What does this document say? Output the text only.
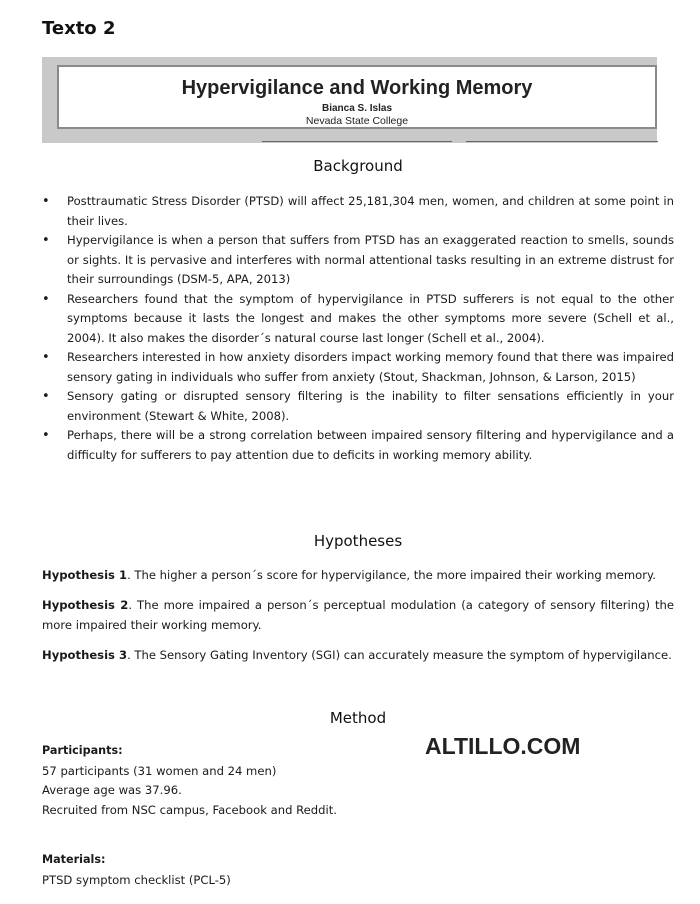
Texto 2
Hypervigilance and Working Memory
Bianca S. Islas
Nevada State College
Background
• Posttraumatic Stress Disorder (PTSD) will affect 25,181,304 men, women, and children at some point in their lives.
• Hypervigilance is when a person that suffers from PTSD has an exaggerated reaction to smells, sounds or sights. It is pervasive and interferes with normal attentional tasks resulting in an extreme distrust for their surroundings (DSM-5, APA, 2013)
• Researchers found that the symptom of hypervigilance in PTSD sufferers is not equal to the other symptoms because it lasts the longest and makes the other symptoms more severe (Schell et al., 2004). It also makes the disorder´s natural course last longer (Schell et al., 2004).
• Researchers interested in how anxiety disorders impact working memory found that there was impaired sensory gating in individuals who suffer from anxiety (Stout, Shackman, Johnson, & Larson, 2015)
• Sensory gating or disrupted sensory filtering is the inability to filter sensations efficiently in your environment (Stewart & White, 2008).
• Perhaps, there will be a strong correlation between impaired sensory filtering and hypervigilance and a difficulty for sufferers to pay attention due to deficits in working memory ability.
Hypotheses

Hypothesis 1. The higher a person´s score for hypervigilance, the more impaired their working memory.

Hypothesis 2. The more impaired a person´s perceptual modulation (a category of sensory filtering) the more impaired their working memory.

Hypothesis 3. The Sensory Gating Inventory (SGI) can accurately measure the symptom of hypervigilance.

Method
Participants:

57 participants (31 women and 24 men)

Average age was 37.96.

Recruited from NSC campus, Facebook and Reddit.

Materials:

PTSD symptom checklist (PCL-5)

ALTILLO.COM
